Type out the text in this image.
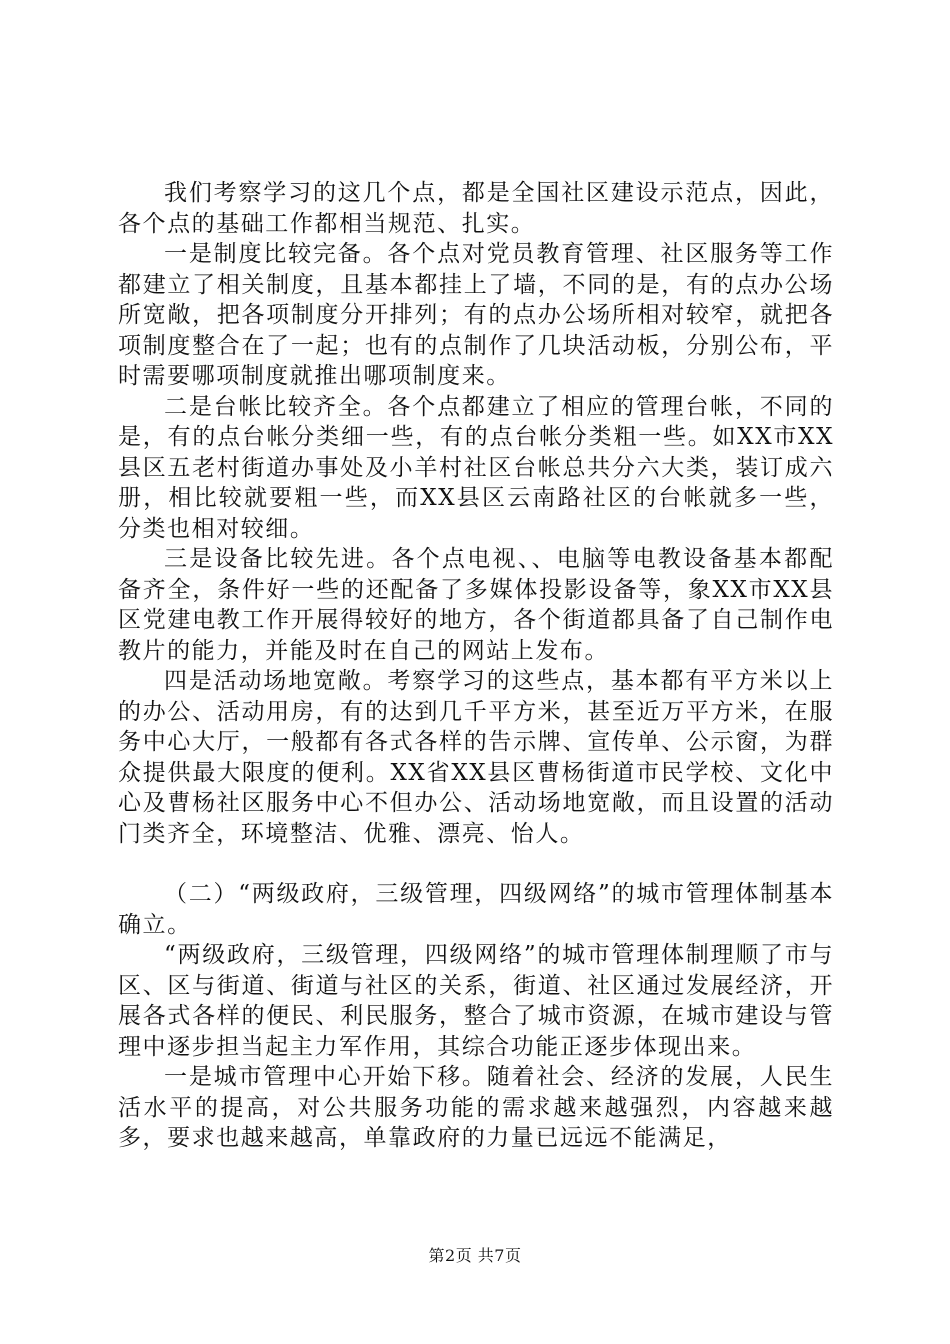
我们考察学习的这几个点，都是全国社区建设示范点，因此，各个点的基础工作都相当规范、扎实。

一是制度比较完备。各个点对党员教育管理、社区服务等工作都建立了相关制度，且基本都挂上了墙，不同的是，有的点办公场所宽敞，把各项制度分开排列；有的点办公场所相对较窄，就把各项制度整合在了一起；也有的点制作了几块活动板，分别公布，平时需要哪项制度就推出哪项制度来。

二是台帐比较齐全。各个点都建立了相应的管理台帐，不同的是，有的点台帐分类细一些，有的点台帐分类粗一些。如XX市XX县区五老村街道办事处及小羊村社区台帐总共分六大类，装订成六册，相比较就要粗一些，而XX县区云南路社区的台帐就多一些，分类也相对较细。

三是设备比较先进。各个点电视、、电脑等电教设备基本都配备齐全，条件好一些的还配备了多媒体投影设备等，象XX市XX县区党建电教工作开展得较好的地方，各个街道都具备了自己制作电教片的能力，并能及时在自己的网站上发布。

四是活动场地宽敞。考察学习的这些点，基本都有平方米以上的办公、活动用房，有的达到几千平方米，甚至近万平方米，在服务中心大厅，一般都有各式各样的告示牌、宣传单、公示窗，为群众提供最大限度的便利。XX省XX县区曹杨街道市民学校、文化中心及曹杨社区服务中心不但办公、活动场地宽敞，而且设置的活动门类齐全，环境整洁、优雅、漂亮、怡人。

（二）“两级政府，三级管理，四级网络”的城市管理体制基本确立。

“两级政府，三级管理，四级网络”的城市管理体制理顺了市与区、区与街道、街道与社区的关系，街道、社区通过发展经济，开展各式各样的便民、利民服务，整合了城市资源，在城市建设与管理中逐步担当起主力军作用，其综合功能正逐步体现出来。

一是城市管理中心开始下移。随着社会、经济的发展，人民生活水平的提高，对公共服务功能的需求越来越强烈，内容越来越多，要求也越来越高，单靠政府的力量已远远不能满足，

第2页 共7页
